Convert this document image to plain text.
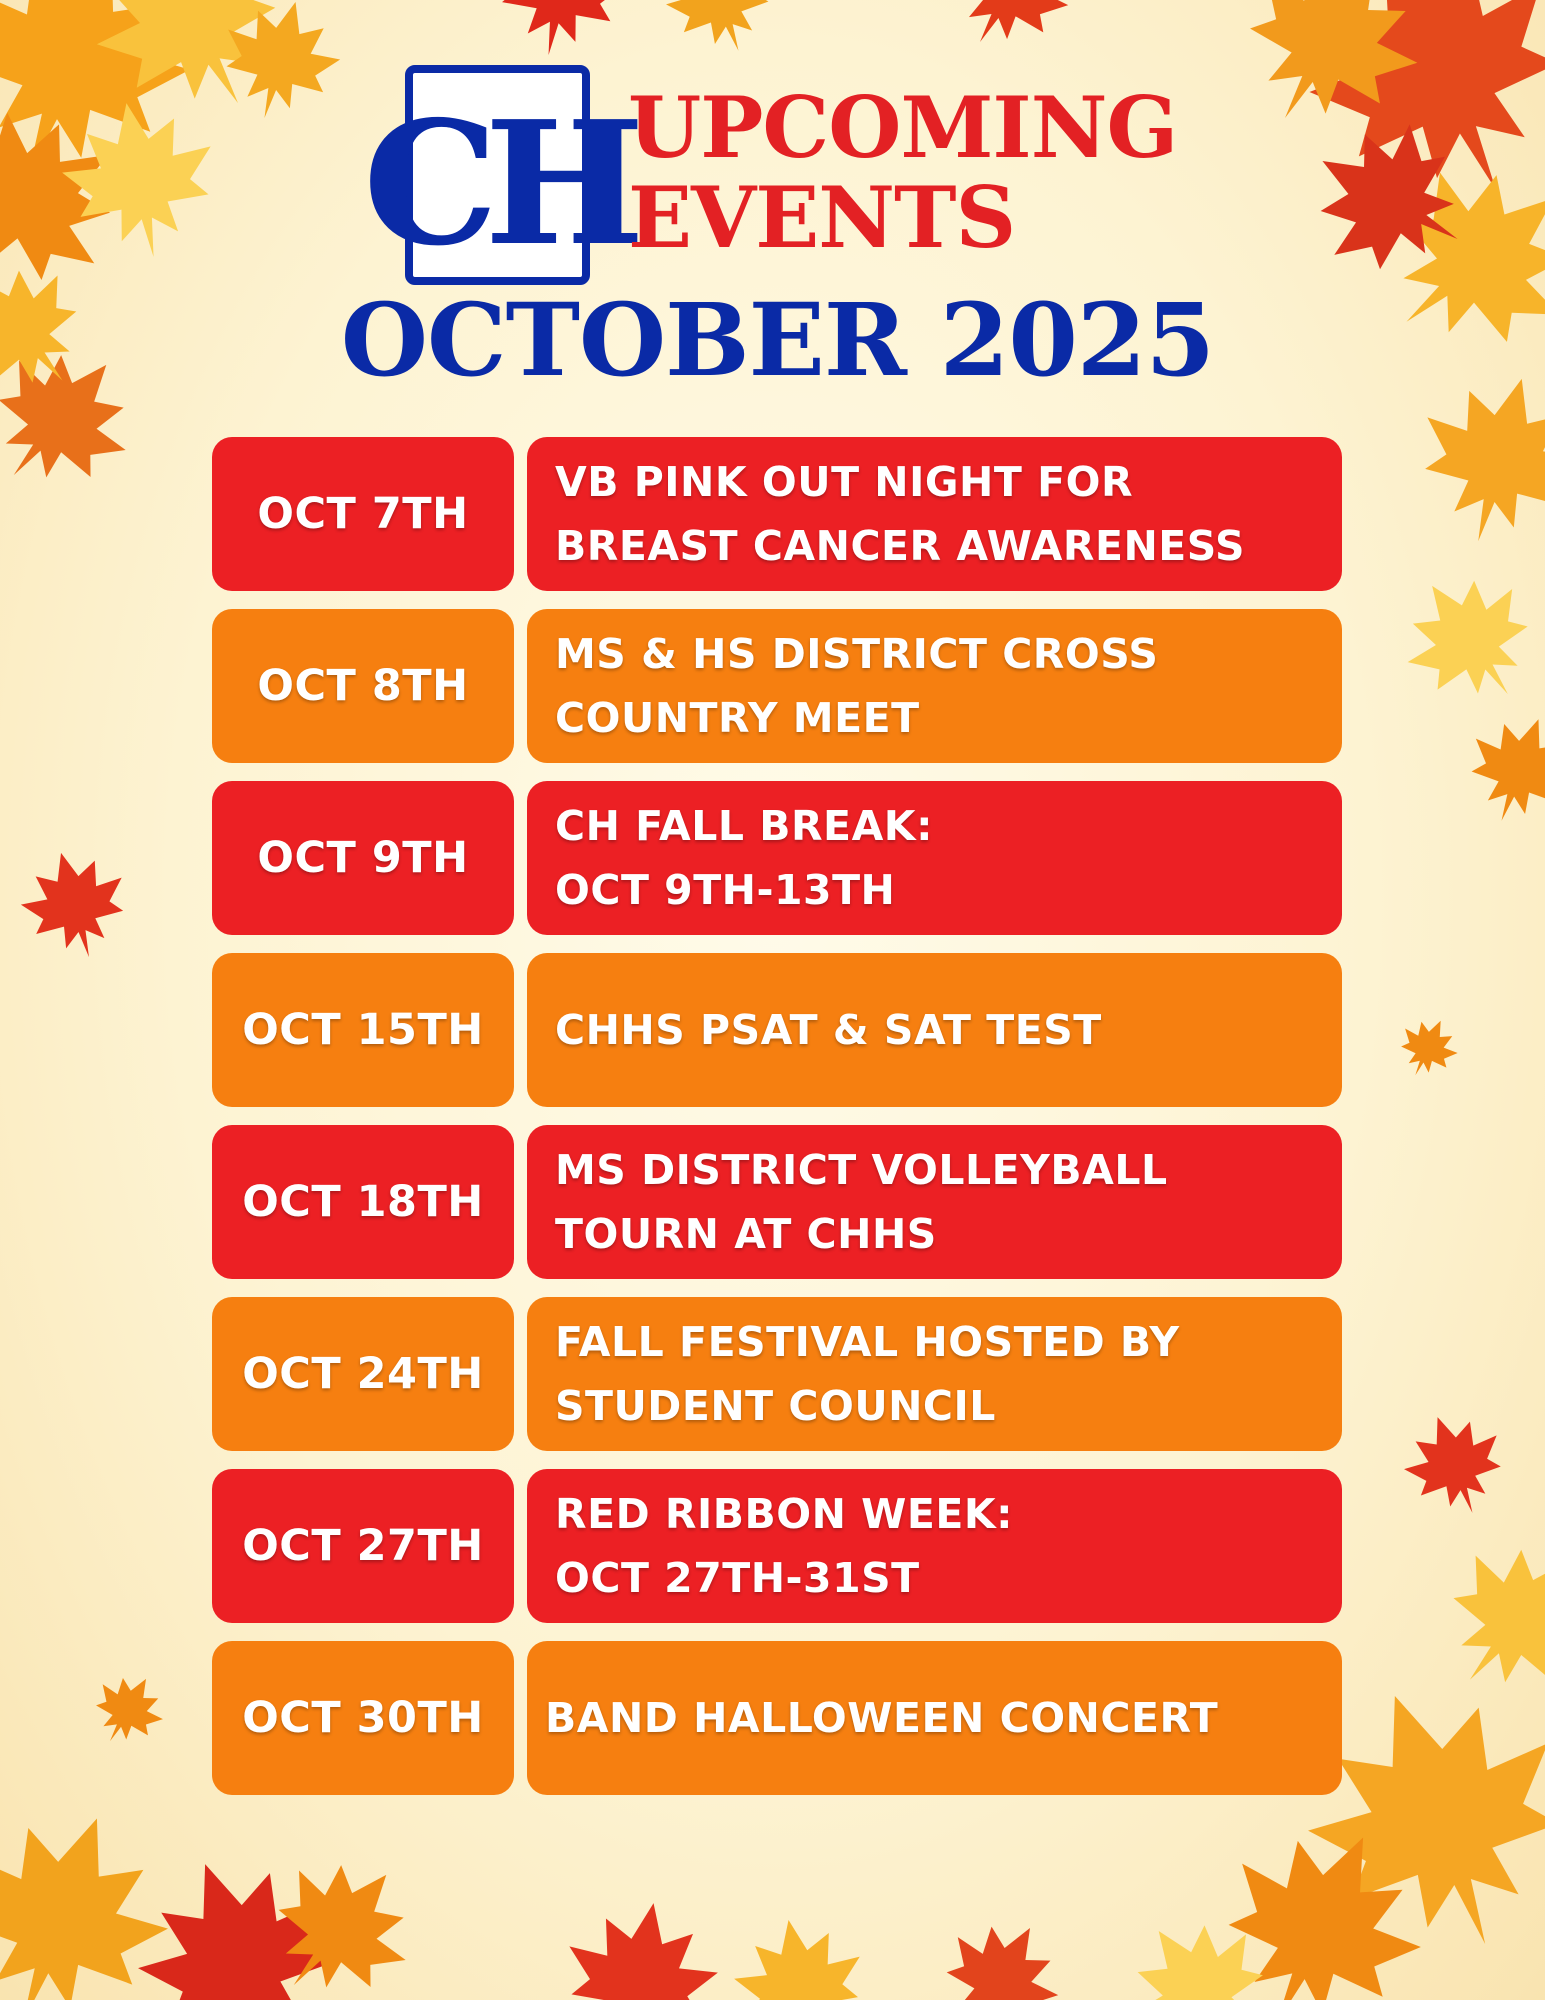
CH
UPCOMING
EVENTS
OCTOBER 2025
OCT 7TH
VB PINK OUT NIGHT FOR
BREAST CANCER AWARENESS
OCT 8TH
MS & HS DISTRICT CROSS
COUNTRY MEET
OCT 9TH
CH FALL BREAK:
OCT 9TH-13TH
OCT 15TH CHHS PSAT & SAT TEST
OCT 18TH
MS DISTRICT VOLLEYBALL
TOURN AT CHHS
OCT 24TH
FALL FESTIVAL HOSTED BY
STUDENT COUNCIL
OCT 27TH
RED RIBBON WEEK:
OCT 27TH-31ST
OCT 30TH BAND HALLOWEEN CONCERT
